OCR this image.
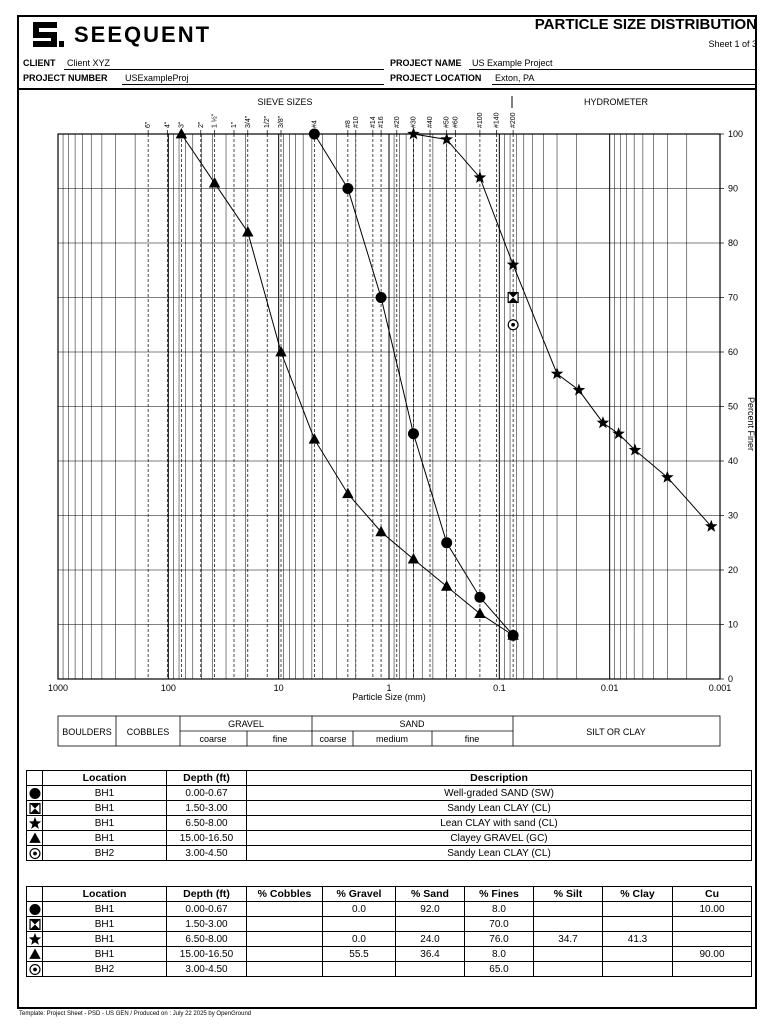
SEEQUENT	PARTICLE SIZE DISTRIBUTION
Sheet 1 of 3
CLIENT Client XYZ
PROJECT NUMBER USExampleProj
PROJECT NAME US Example Project
PROJECT LOCATION Exton, PA
1000	100	10	1	0.1	0.01	0.001
0
10
20
30
40
50
60
70
80
90
100
6" 4" 3" 2" 1 ½" 1" 3/4" 1/2" 3/8"	#4	#8 #10 #14 #16 #20 #30 #40 #50 #60 #100 #140 #200
SIEVE SIZES	HYDROMETER
Particle Size (mm)
Percent Finer
BOULDERS COBBLES
GRAVEL	SAND
SILT OR CLAY
coarse	fine	coarse	medium	fine
	Location	Depth (ft)	Description

	BH1	0.00-0.67	Well-graded SAND (SW)

	BH1	1.50-3.00	Sandy Lean CLAY (CL)

	BH1	6.50-8.00	Lean CLAY with sand (CL)

	BH1	15.00-16.50	Clayey GRAVEL (GC)

	BH2	3.00-4.50	Sandy Lean CLAY (CL)
	Location	Depth (ft)	% Cobbles	% Gravel	% Sand	% Fines	% Silt	% Clay	Cu

	BH1	0.00-0.67		0.0	92.0	8.0			10.00

	BH1	1.50-3.00				70.0			

	BH1	6.50-8.00		0.0	24.0	76.0	34.7	41.3	

	BH1	15.00-16.50		55.5	36.4	8.0			90.00

	BH2	3.00-4.50				65.0			
Template: Project Sheet - PSD - US GEN / Produced on : July 22 2025 by OpenGround
